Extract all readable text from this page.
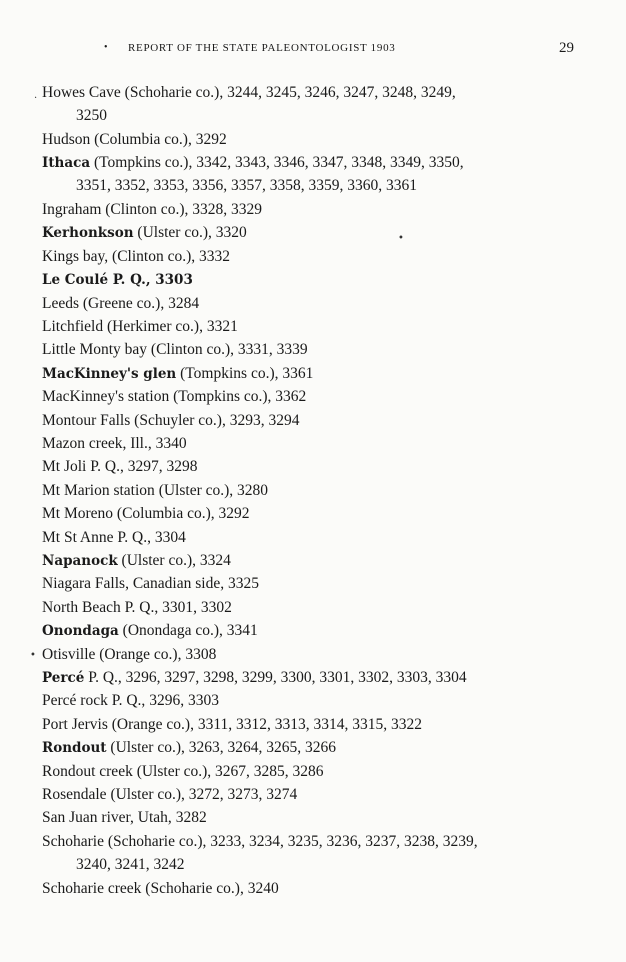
• REPORT OF THE STATE PALEONTOLOGIST 1903	29
Howes Cave (Schoharie co.), 3244, 3245, 3246, 3247, 3248, 3249,
3250
Hudson (Columbia co.), 3292
Ithaca (Tompkins co.), 3342, 3343, 3346, 3347, 3348, 3349, 3350,
3351, 3352, 3353, 3356, 3357, 3358, 3359, 3360, 3361
Ingraham (Clinton co.), 3328, 3329
Kerhonkson (Ulster co.), 3320
Kings bay, (Clinton co.), 3332
Le Coulé P. Q., 3303
Leeds (Greene co.), 3284
Litchfield (Herkimer co.), 3321
Little Monty bay (Clinton co.), 3331, 3339
MacKinney's glen (Tompkins co.), 3361
MacKinney's station (Tompkins co.), 3362
Montour Falls (Schuyler co.), 3293, 3294
Mazon creek, Ill., 3340
Mt Joli P. Q., 3297, 3298
Mt Marion station (Ulster co.), 3280
Mt Moreno (Columbia co.), 3292
Mt St Anne P. Q., 3304
Napanock (Ulster co.), 3324
Niagara Falls, Canadian side, 3325
North Beach P. Q., 3301, 3302
Onondaga (Onondaga co.), 3341
Otisville (Orange co.), 3308
Percé P. Q., 3296, 3297, 3298, 3299, 3300, 3301, 3302, 3303, 3304
Percé rock P. Q., 3296, 3303
Port Jervis (Orange co.), 3311, 3312, 3313, 3314, 3315, 3322
Rondout (Ulster co.), 3263, 3264, 3265, 3266
Rondout creek (Ulster co.), 3267, 3285, 3286
Rosendale (Ulster co.), 3272, 3273, 3274
San Juan river, Utah, 3282
Schoharie (Schoharie co.), 3233, 3234, 3235, 3236, 3237, 3238, 3239,
3240, 3241, 3242
Schoharie creek (Schoharie co.), 3240
.
•
•
